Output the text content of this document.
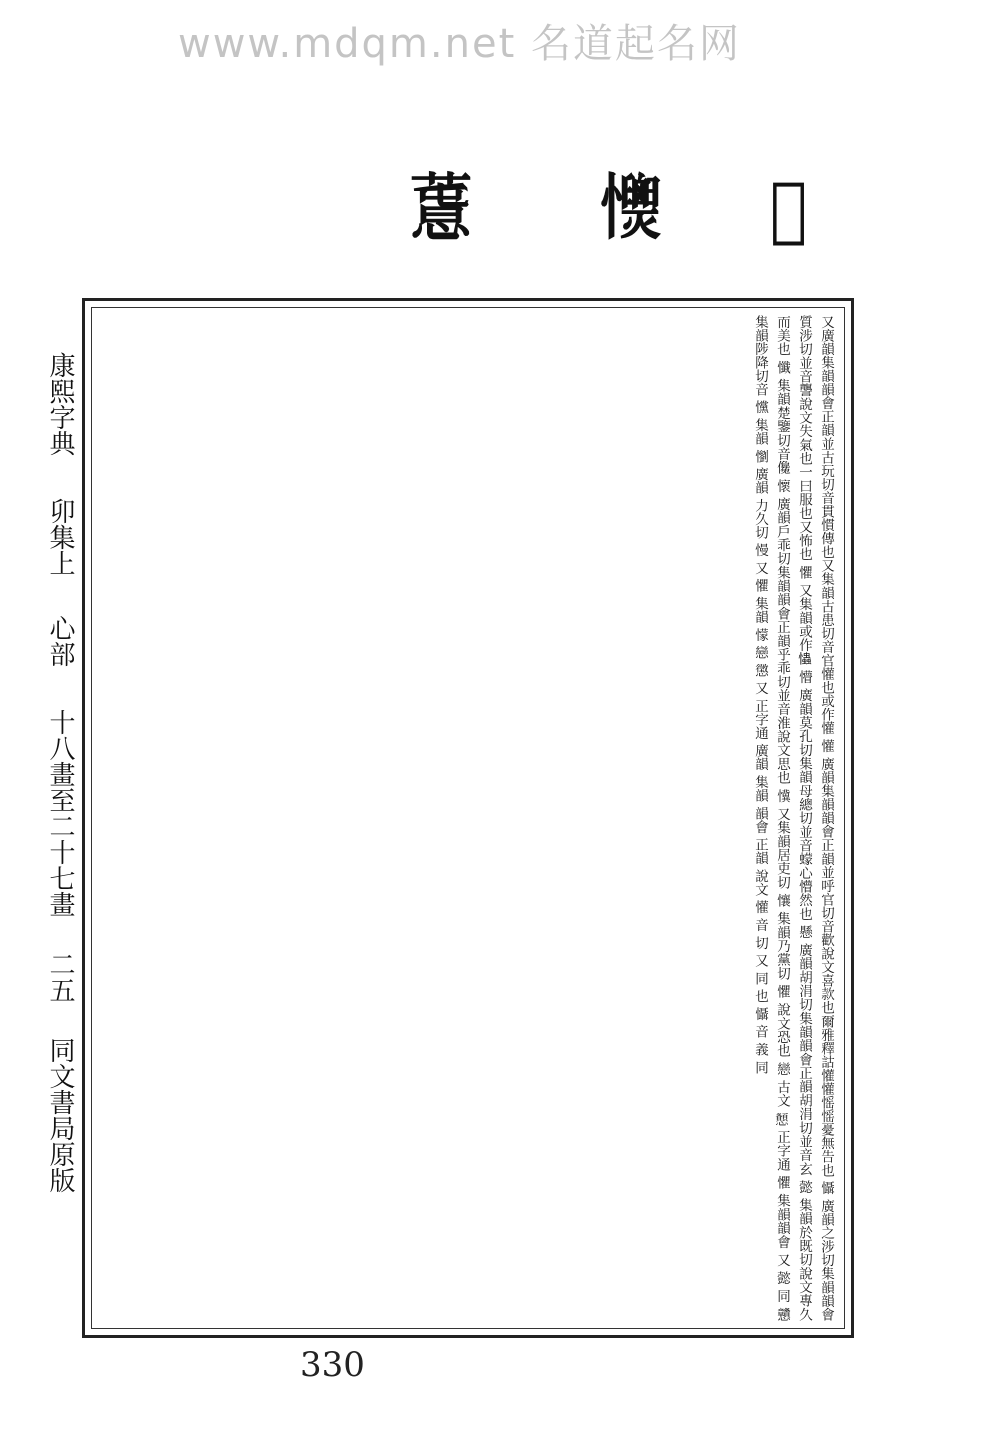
www.mdqm.net 名道起名网
𢡳 𢥡 𢤢
康熙字典 卯集上 心部 十八畫至二十七畫 二五 同文書局原版	又廣韻集韻韻會正韻並古玩切音貫慣傳也又集韻古患切音官懽也或作懽 懽 廣韻集韻韻會正韻並呼官切音歡說文喜款也爾雅釋詁懽懽愮愮憂無告也 懾 廣韻之涉切集韻韻會質涉切並音讋說文失氣也一曰服也又怖也 懼 又集韻或作𢥞 懵 廣韻莫孔切集韻母總切並音蠓心懵然也 懸 廣韻胡涓切集韻韻會正韻胡涓切並音玄 懿 集韻於既切說文專久而美也 懺 集韻楚鑒切音儳 懷 廣韻戶乖切集韻韻會正韻乎乖切並音淮說文思也 懻 又集韻居吏切 懹 集韻乃黨切 懼 說文恐也 戀 古文 𢥨 正字通 懼 集韻韻會 又 懿 同 戇 集韻陟降切音 戃 集韻 懰 廣韻 力久切 慢 又 懼 集韻 懞 戀 懲 又 正字通 廣韻 集韻 韻會 正韻 說文 懽 音 切 又 同 也 懾 音 義 同
330
